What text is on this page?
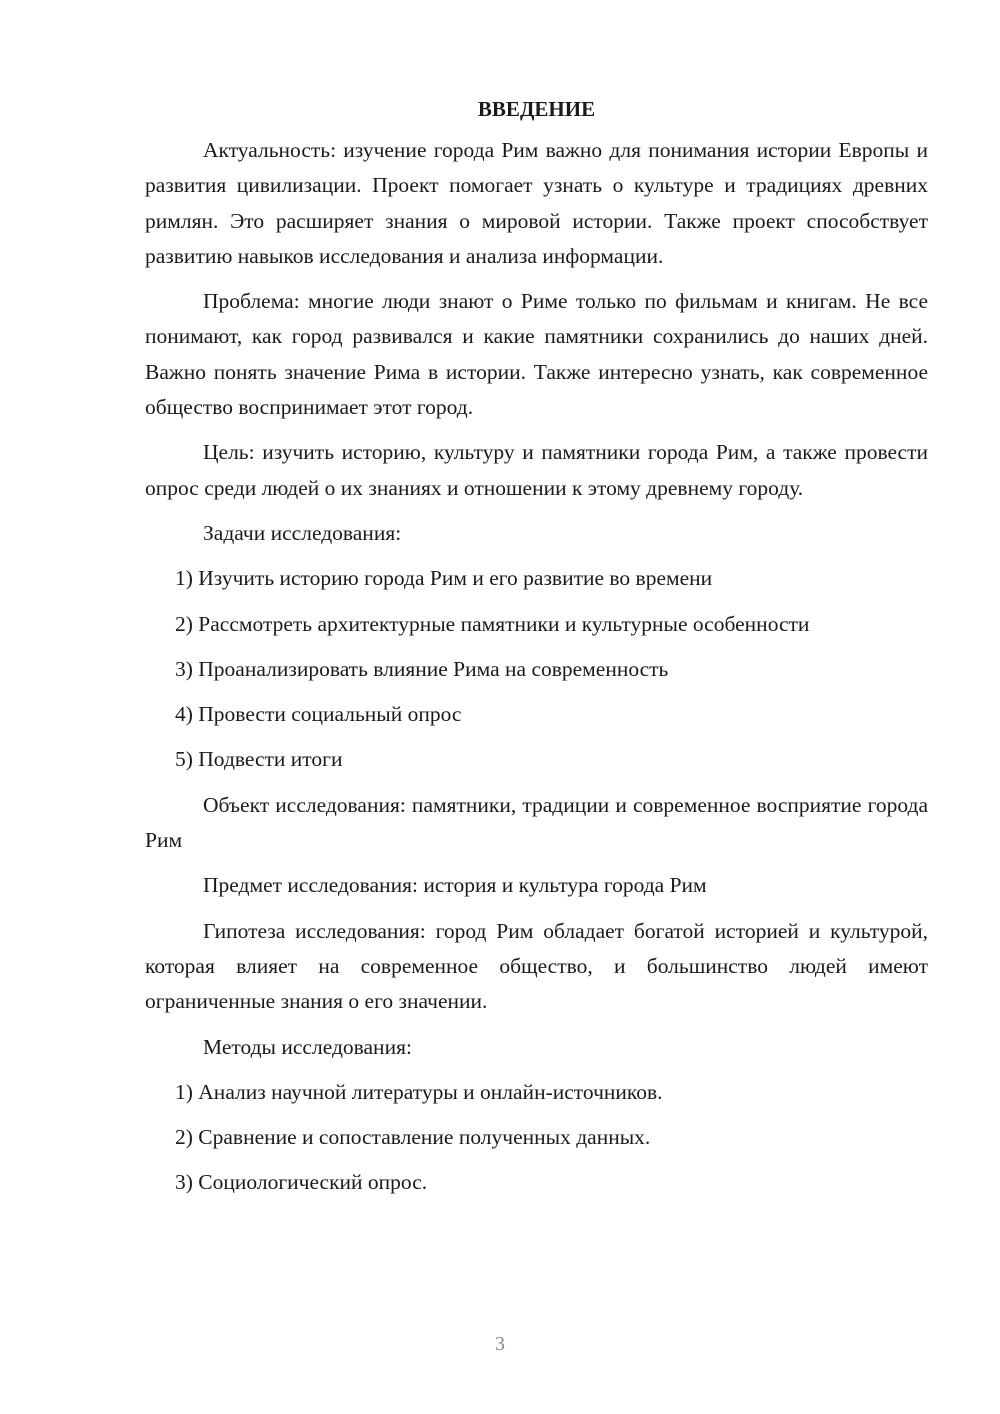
ВВЕДЕНИЕ
Актуальность: изучение города Рим важно для понимания истории Европы и развития цивилизации. Проект помогает узнать о культуре и традициях древних римлян. Это расширяет знания о мировой истории. Также проект способствует развитию навыков исследования и анализа информации.
Проблема: многие люди знают о Риме только по фильмам и книгам. Не все понимают, как город развивался и какие памятники сохранились до наших дней. Важно понять значение Рима в истории. Также интересно узнать, как современное общество воспринимает этот город.
Цель: изучить историю, культуру и памятники города Рим, а также провести опрос среди людей о их знаниях и отношении к этому древнему городу.
Задачи исследования:
1) Изучить историю города Рим и его развитие во времени
2) Рассмотреть архитектурные памятники и культурные особенности
3) Проанализировать влияние Рима на современность
4) Провести социальный опрос
5) Подвести итоги
Объект исследования: памятники, традиции и современное восприятие города Рим
Предмет исследования: история и культура города Рим
Гипотеза исследования: город Рим обладает богатой историей и культурой, которая влияет на современное общество, и большинство людей имеют ограниченные знания о его значении.
Методы исследования:
1) Анализ научной литературы и онлайн-источников.
2) Сравнение и сопоставление полученных данных.
3) Социологический опрос.
3
